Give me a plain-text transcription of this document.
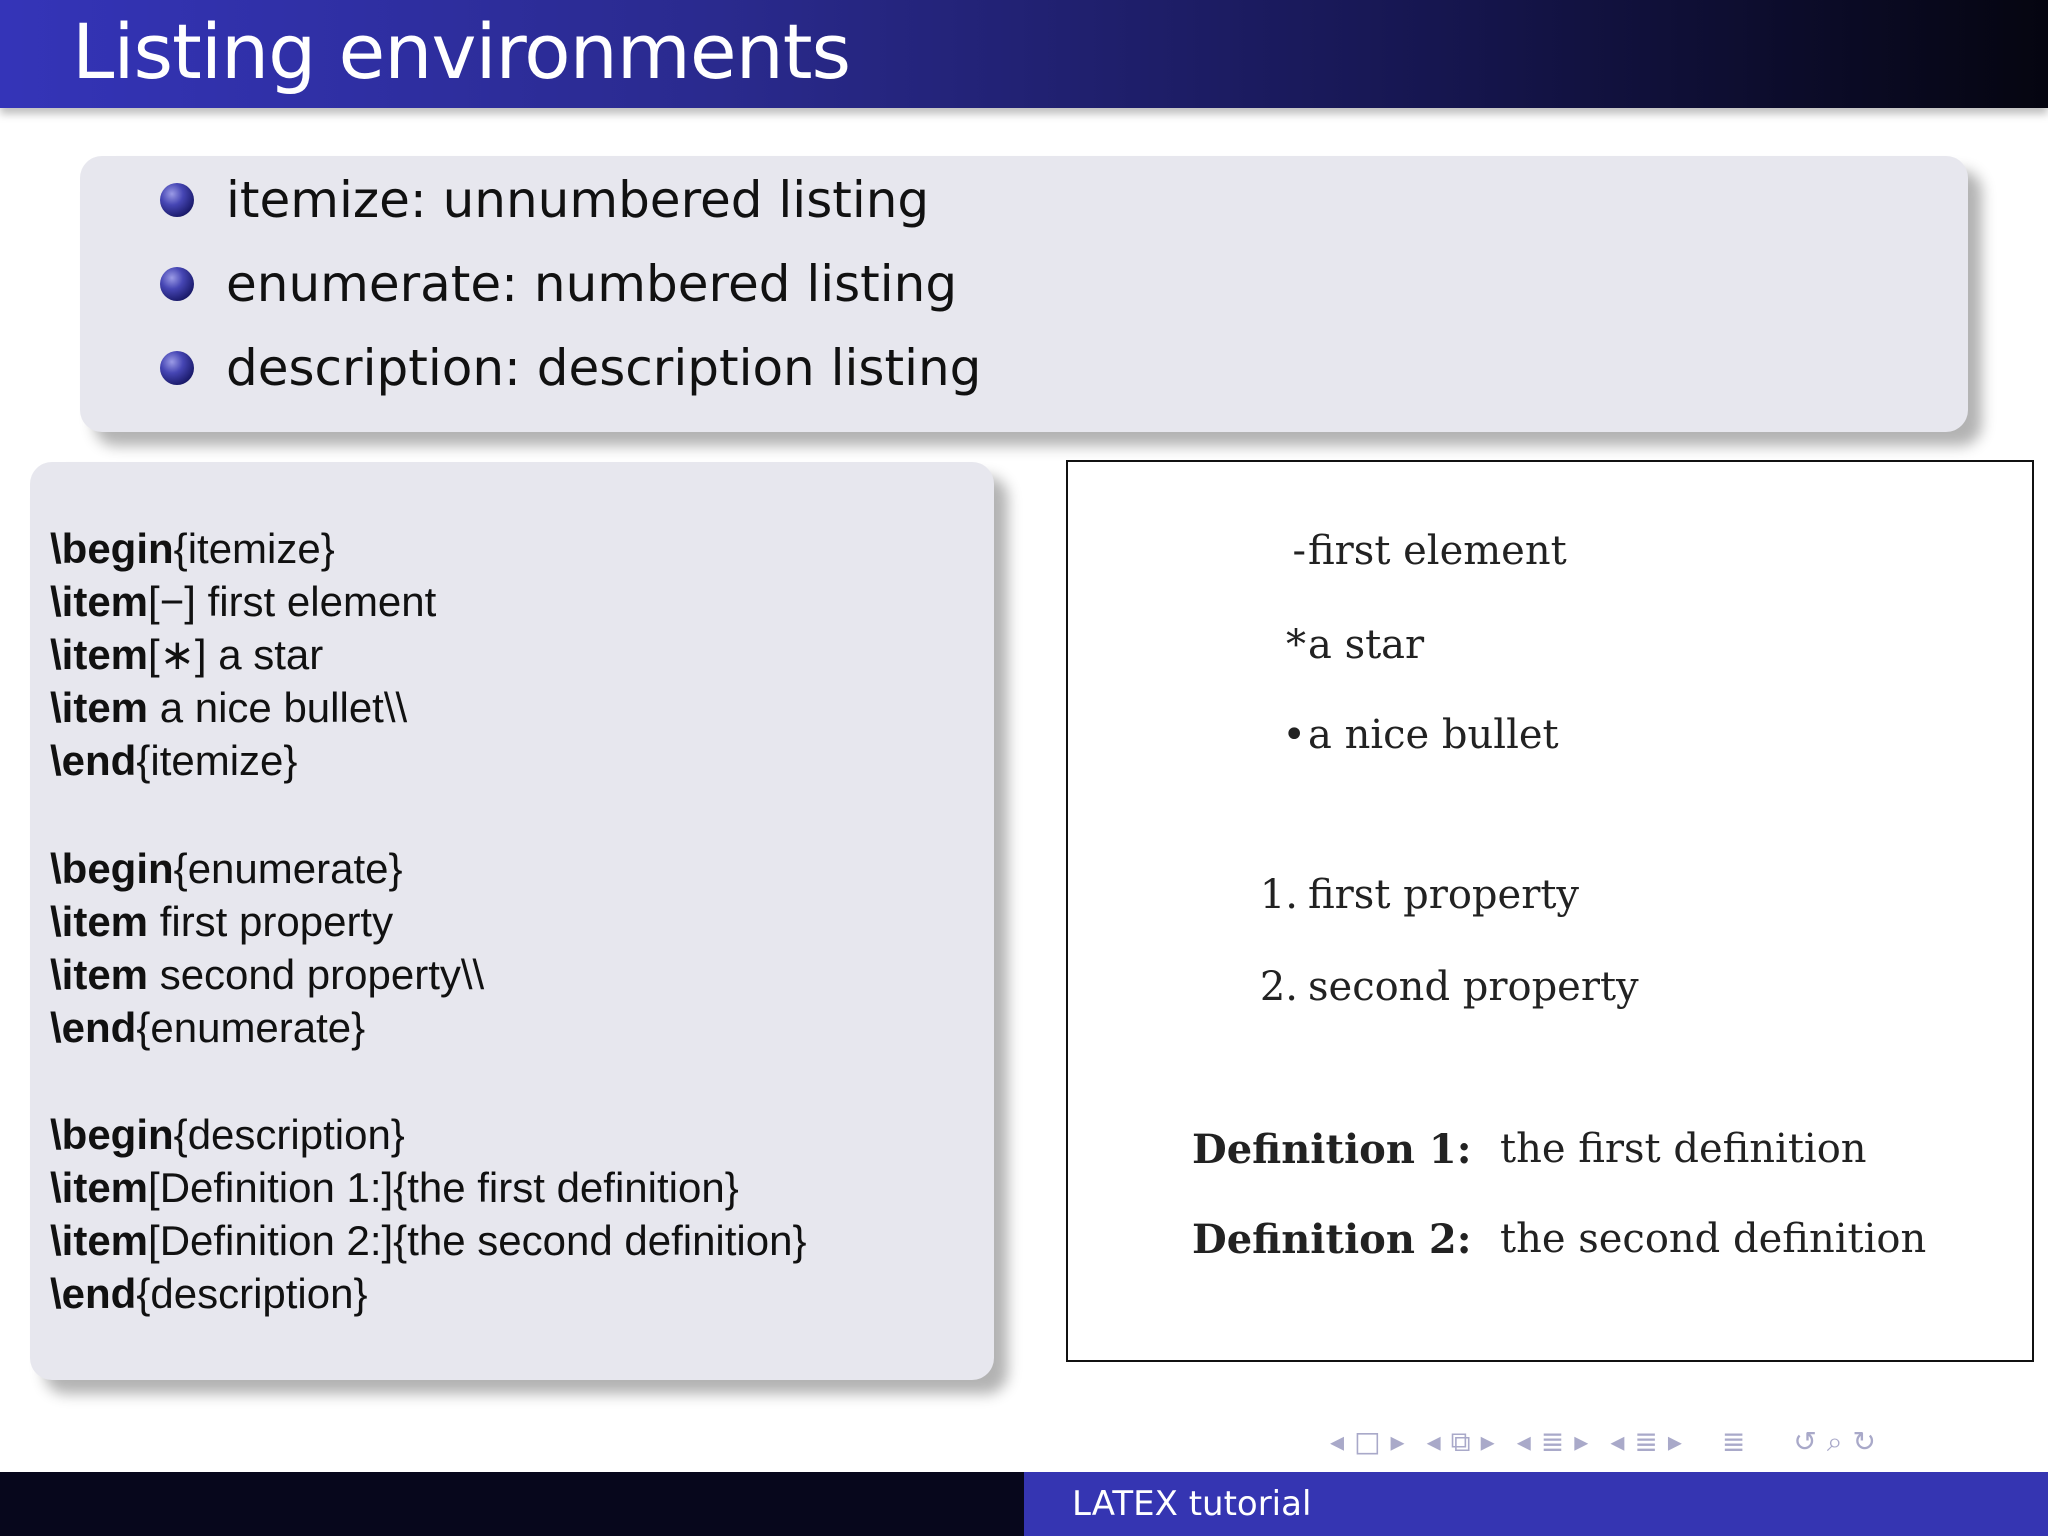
Listing environments
itemize: unnumbered listing
enumerate: numbered listing
description: description listing
\begin{itemize}
\item[−] first element
\item[∗] a star
\item a nice bullet\\
\end{itemize}
\begin{enumerate}
\item first property
\item second property\\
\end{enumerate}
\begin{description}
\item[Definition 1:]{the first definition}
\item[Definition 2:]{the second definition}
\end{description}
- first element
* a star
• a nice bullet
1. first property
2. second property
Definition 1: the first definition
Definition 2: the second definition
◂ □ ▸ ◂ ⧉ ▸ ◂ ≣ ▸ ◂ ≣ ▸ ≣ ↺ ⌕ ↻
LATEX tutorial
